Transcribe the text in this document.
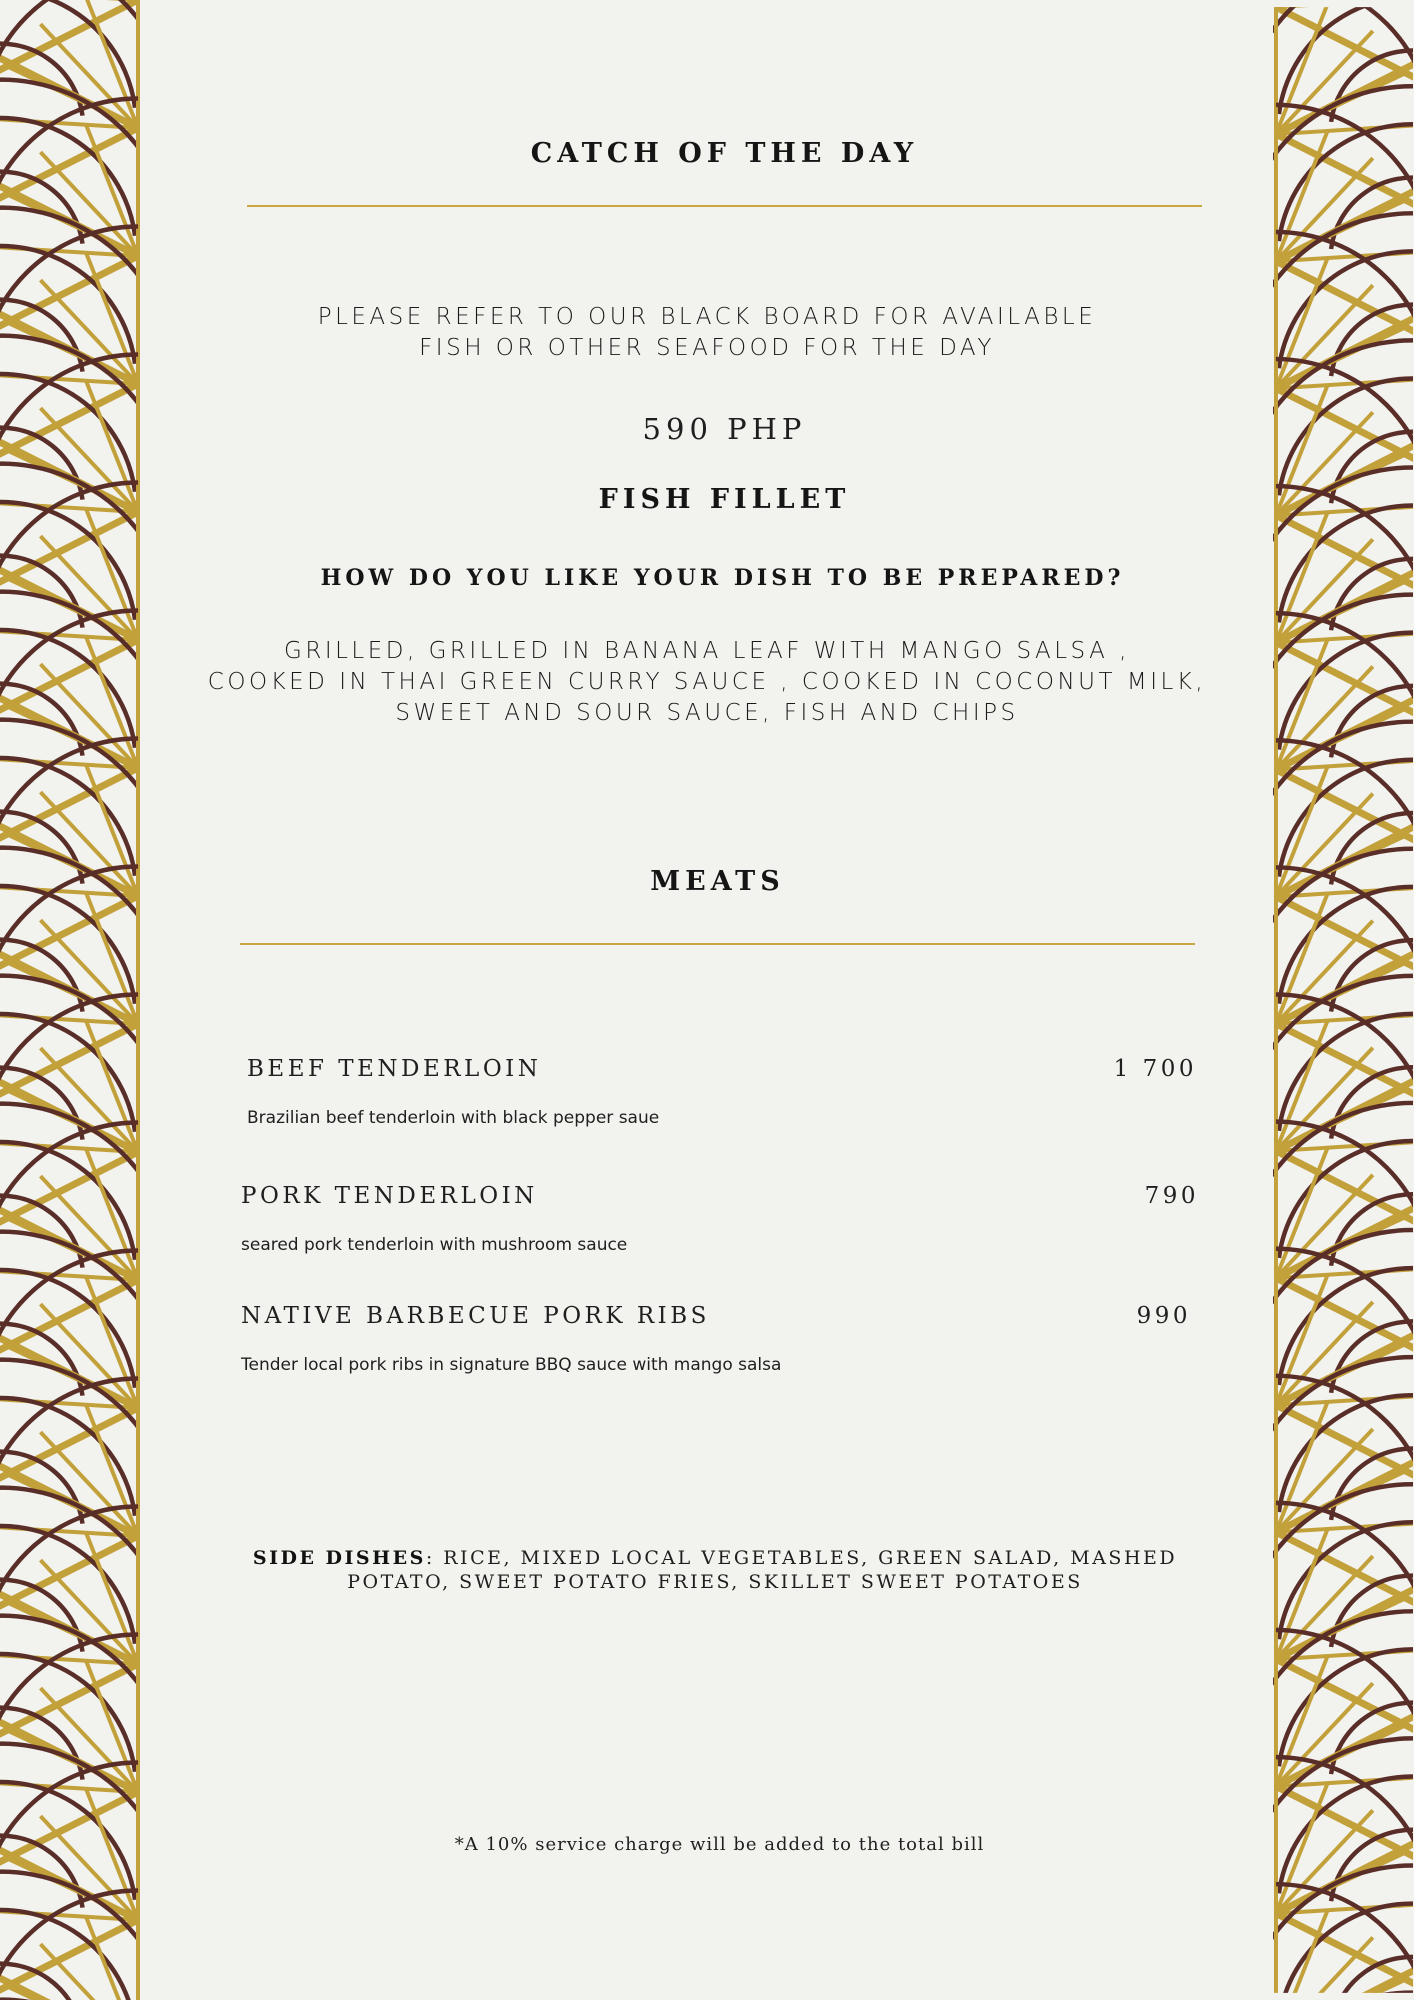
CATCH OF THE DAY
PLEASE REFER TO OUR BLACK BOARD FOR AVAILABLE
FISH OR OTHER SEAFOOD FOR THE DAY
590 PHP
FISH FILLET
HOW DO YOU LIKE YOUR DISH TO BE PREPARED?
GRILLED, GRILLED IN BANANA LEAF WITH MANGO SALSA ,
COOKED IN THAI GREEN CURRY SAUCE , COOKED IN COCONUT MILK,
SWEET AND SOUR SAUCE, FISH AND CHIPS
MEATS
BEEF TENDERLOIN	1 700
Brazilian beef tenderloin with black pepper saue
PORK TENDERLOIN	790
seared pork tenderloin with mushroom sauce
NATIVE BARBECUE PORK RIBS	990
Tender local pork ribs in signature BBQ sauce with mango salsa
SIDE DISHES: RICE, MIXED LOCAL VEGETABLES, GREEN SALAD, MASHED
POTATO, SWEET POTATO FRIES, SKILLET SWEET POTATOES
*A 10% service charge will be added to the total bill
